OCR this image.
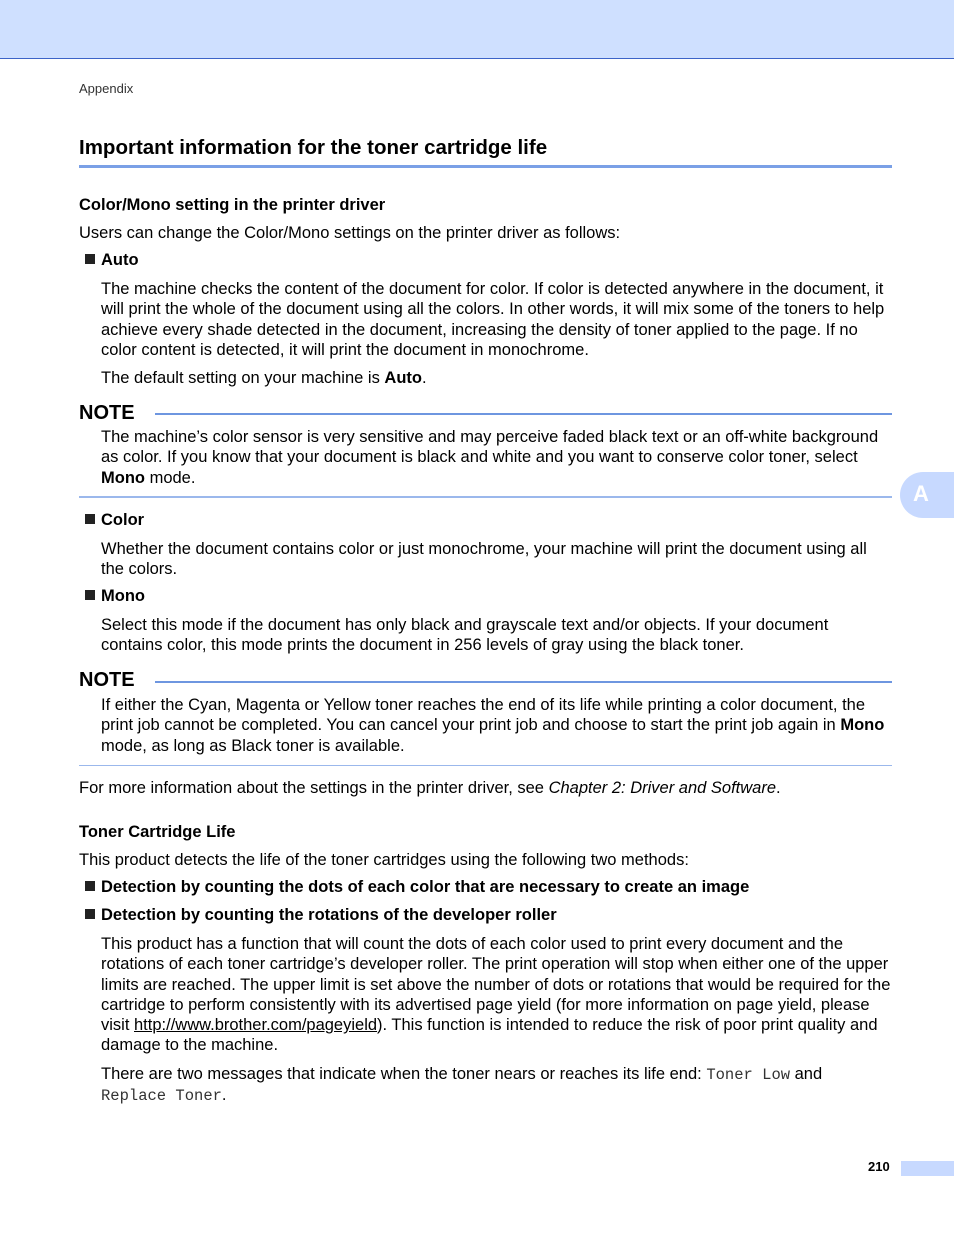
Appendix
Important information for the toner cartridge life
Color/Mono setting in the printer driver
Users can change the Color/Mono settings on the printer driver as follows:
Auto
The machine checks the content of the document for color. If color is detected anywhere in the document, it will print the whole of the document using all the colors. In other words, it will mix some of the toners to help achieve every shade detected in the document, increasing the density of toner applied to the page. If no color content is detected, it will print the document in monochrome.
The default setting on your machine is Auto.
NOTE
The machine’s color sensor is very sensitive and may perceive faded black text or an off-white background as color. If you know that your document is black and white and you want to conserve color toner, select Mono mode.
Color
Whether the document contains color or just monochrome, your machine will print the document using all the colors.
Mono
Select this mode if the document has only black and grayscale text and/or objects. If your document contains color, this mode prints the document in 256 levels of gray using the black toner.
NOTE
If either the Cyan, Magenta or Yellow toner reaches the end of its life while printing a color document, the print job cannot be completed. You can cancel your print job and choose to start the print job again in Mono mode, as long as Black toner is available.
For more information about the settings in the printer driver, see Chapter 2: Driver and Software.
Toner Cartridge Life
This product detects the life of the toner cartridges using the following two methods:
Detection by counting the dots of each color that are necessary to create an image
Detection by counting the rotations of the developer roller
This product has a function that will count the dots of each color used to print every document and the rotations of each toner cartridge’s developer roller. The print operation will stop when either one of the upper limits are reached. The upper limit is set above the number of dots or rotations that would be required for the cartridge to perform consistently with its advertised page yield (for more information on page yield, please visit http://www.brother.com/pageyield). This function is intended to reduce the risk of poor print quality and damage to the machine.
There are two messages that indicate when the toner nears or reaches its life end: Toner Low and
Replace Toner.
A
210
